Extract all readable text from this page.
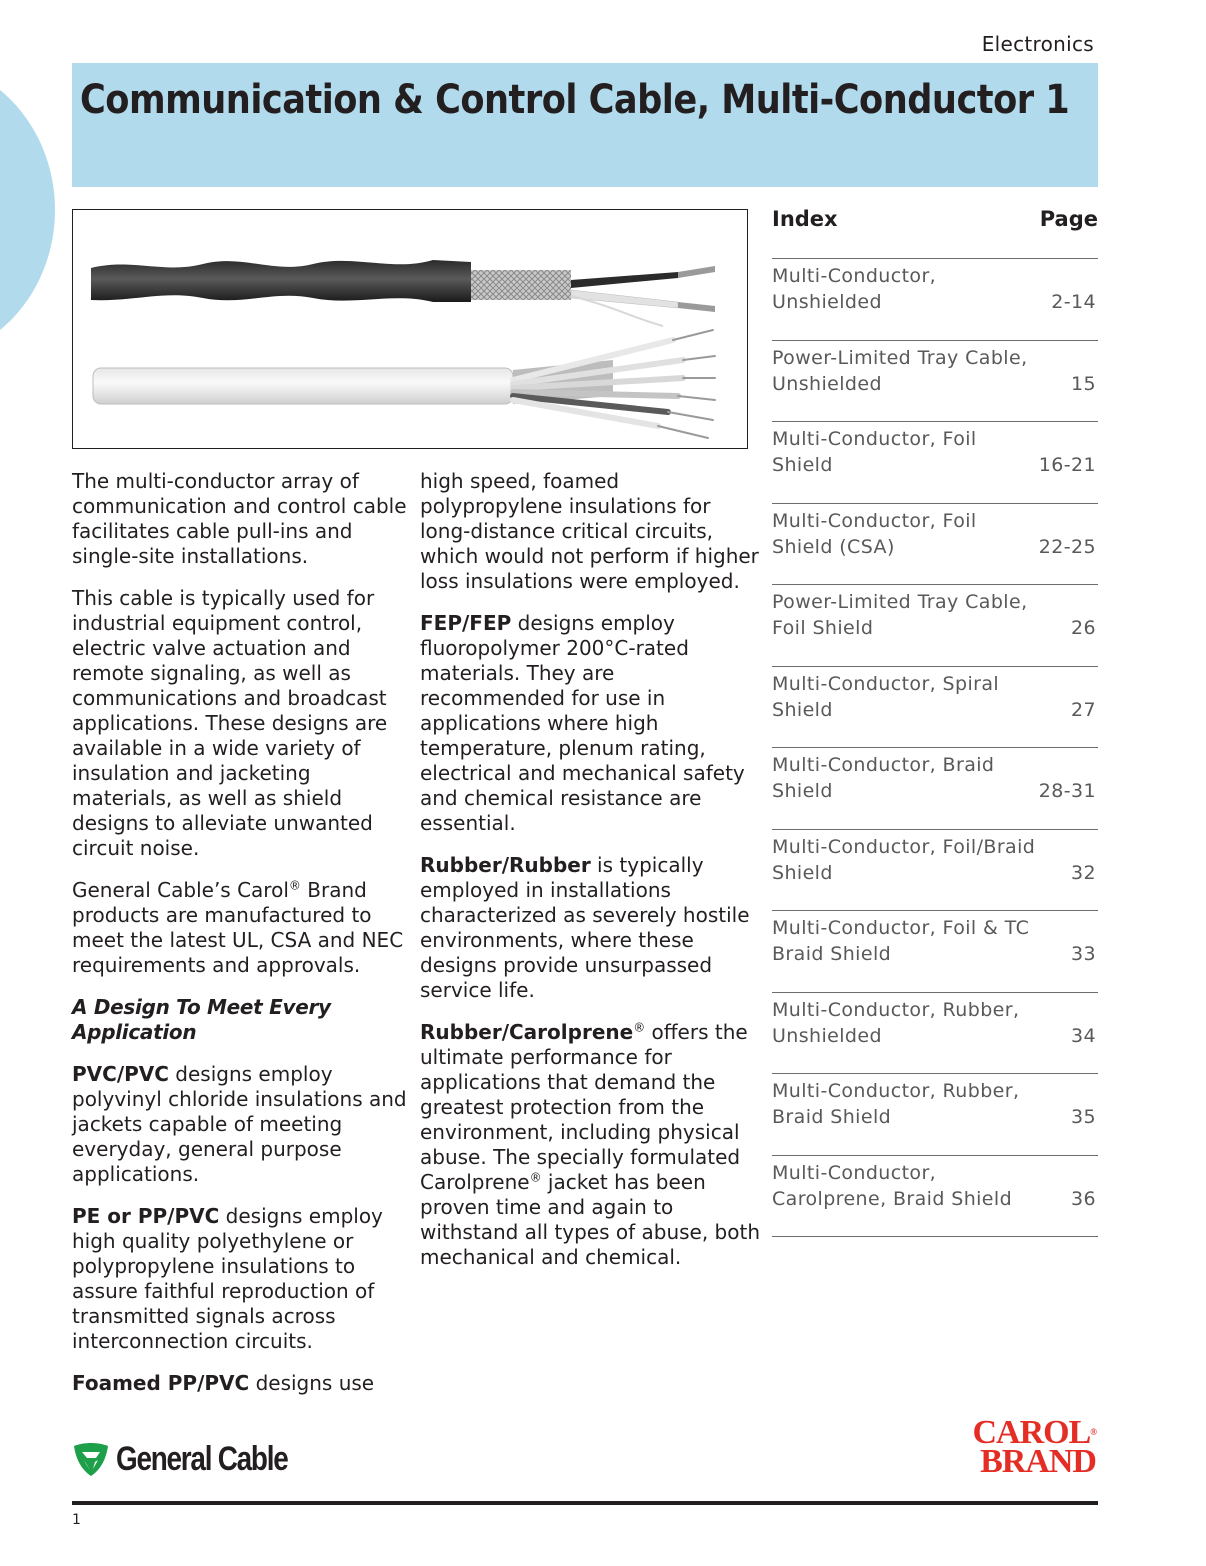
Electronics
Communication & Control Cable, Multi-Conductor 1

The multi-conductor array of communication and control cable facilitates cable pull-ins and single-site installations.

This cable is typically used for industrial equipment control, electric valve actuation and remote signaling, as well as communications and broadcast applications. These designs are available in a wide variety of insulation and jacketing materials, as well as shield designs to alleviate unwanted circuit noise.

General Cable’s Carol® Brand products are manufactured to meet the latest UL, CSA and NEC requirements and approvals.

A Design To Meet Every Application

PVC/PVC designs employ polyvinyl chloride insulations and jackets capable of meeting everyday, general purpose applications.

PE or PP/PVC designs employ high quality polyethylene or polypropylene insulations to assure faithful reproduction of transmitted signals across interconnection circuits.

Foamed PP/PVC designs use

high speed, foamed polypropylene insulations for long-distance critical circuits, which would not perform if higher loss insulations were employed.

FEP/FEP designs employ fluoropolymer 200°C-rated materials. They are recommended for use in applications where high temperature, plenum rating, electrical and mechanical safety and chemical resistance are essential.

Rubber/Rubber is typically employed in installations characterized as severely hostile environments, where these designs provide unsurpassed service life.

Rubber/Carolprene® offers the ultimate performance for applications that demand the greatest protection from the environment, including physical abuse. The specially formulated Carolprene® jacket has been proven time and again to withstand all types of abuse, both mechanical and chemical.

Index	Page
Multi-Conductor, Unshielded	2-14
Power-Limited Tray Cable, Unshielded	15
Multi-Conductor, Foil Shield	16-21
Multi-Conductor, Foil Shield (CSA)	22-25
Power-Limited Tray Cable, Foil Shield	26
Multi-Conductor, Spiral Shield	27
Multi-Conductor, Braid Shield	28-31
Multi-Conductor, Foil/Braid Shield	32
Multi-Conductor, Foil & TC Braid Shield	33
Multi-Conductor, Rubber, Unshielded	34
Multi-Conductor, Rubber, Braid Shield	35
Multi-Conductor, Carolprene, Braid Shield	36
General Cable
CAROL®
BRAND
1
